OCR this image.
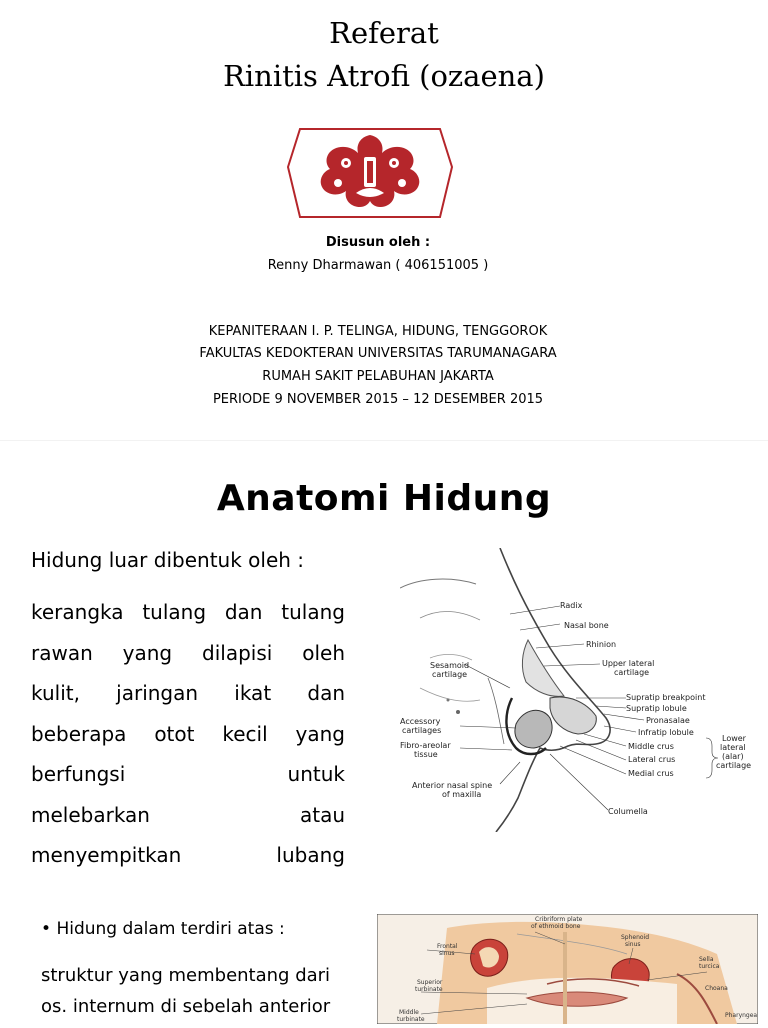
Referat
Rinitis Atrofi (ozaena)
Disusun oleh :
Renny Dharmawan ( 406151005 )
KEPANITERAAN I. P. TELINGA, HIDUNG, TENGGOROK
FAKULTAS KEDOKTERAN UNIVERSITAS TARUMANAGARA
RUMAH SAKIT PELABUHAN JAKARTA
PERIODE 9 NOVEMBER 2015 – 12 DESEMBER 2015
Anatomi Hidung
Hidung luar dibentuk oleh :
kerangka tulang dan tulang
rawan yang dilapisi oleh
kulit, jaringan ikat dan
beberapa otot kecil yang
berfungsi untuk
melebarkan atau
menyempitkan lubang
Radix
Nasal bone
Rhinion
Upper lateral
cartilage
Sesamoid
cartilage
Supratip breakpoint
Supratip lobule
Pronasalae
Infratip lobule
Accessory
cartilages
Fibro-areolar
tissue
Middle crus
Lateral crus
Medial crus
Lower
lateral
(alar)
cartilage
Anterior nasal spine
of maxilla
Columella
• Hidung dalam terdiri atas :
struktur yang membentang dari
os. internum di sebelah anterior
Cribriform plate
of ethmoid bone
Frontal
sinus
Sphenoid
sinus
Sella
turcica
Superior
turbinate	Choana
Middle
turbinate
Pharyngeal
